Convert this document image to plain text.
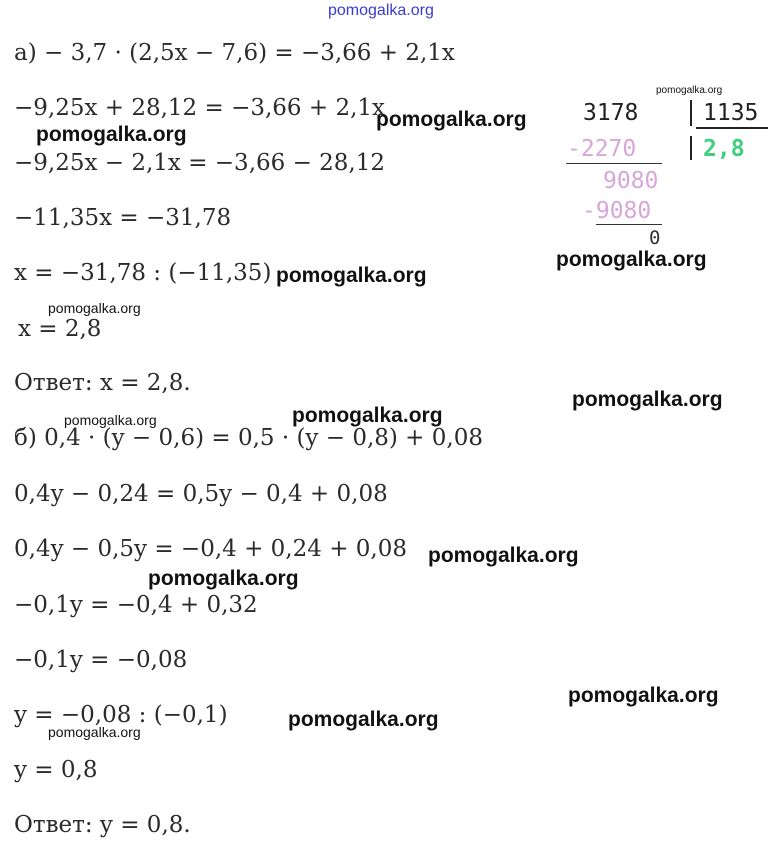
pomogalka.org
а) − 3,7 · (2,5x − 7,6) = −3,66 + 2,1x
−9,25x + 28,12 = −3,66 + 2,1x
−9,25x − 2,1x = −3,66 − 28,12
−11,35x = −31,78
x = −31,78 : (−11,35)
x = 2,8
Ответ: x = 2,8.
3178	1135
2,8
-2270
9080
-9080
0
б) 0,4 · (y − 0,6) = 0,5 · (y − 0,8) + 0,08
0,4y − 0,24 = 0,5y − 0,4 + 0,08
0,4y − 0,5y = −0,4 + 0,24 + 0,08
−0,1y = −0,4 + 0,32
−0,1y = −0,08
y = −0,08 : (−0,1)
y = 0,8
Ответ: y = 0,8.
pomogalka.org
pomogalka.org
pomogalka.org
pomogalka.org
pomogalka.org
pomogalka.org
pomogalka.org
pomogalka.org
pomogalka.org
pomogalka.org
pomogalka.org
pomogalka.org
pomogalka.org
pomogalka.org
